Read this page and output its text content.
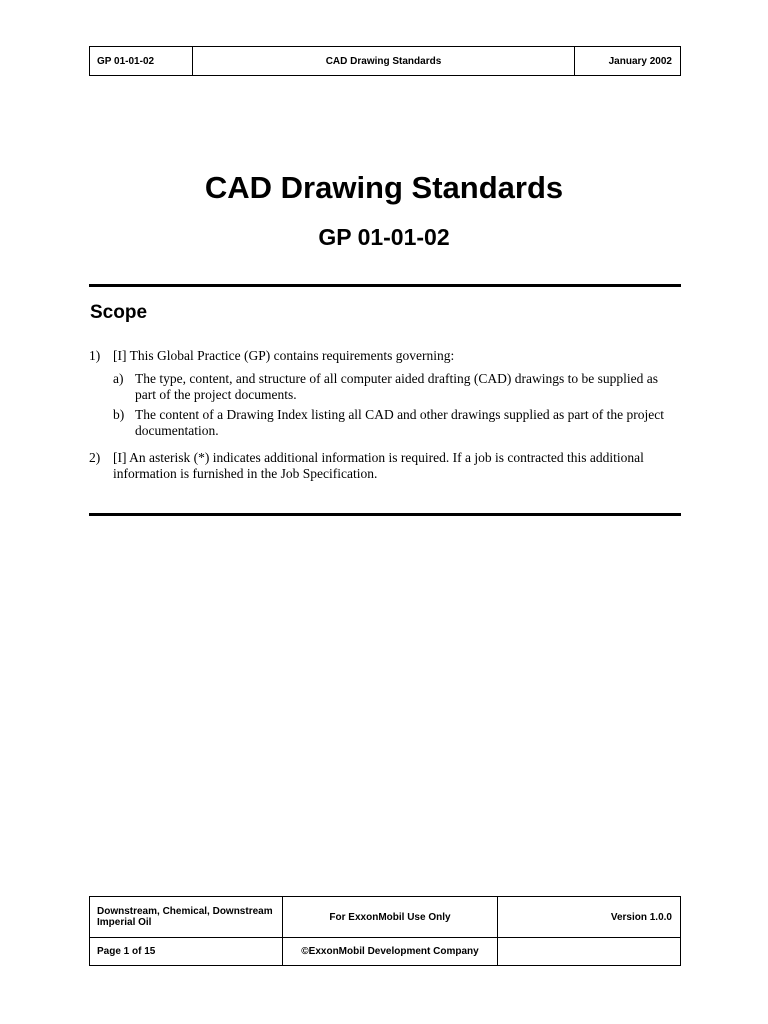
GP 01-01-02	CAD Drawing Standards	January 2002
CAD Drawing Standards
GP 01-01-02
Scope
1) [I] This Global Practice (GP) contains requirements governing:
a) The type, content, and structure of all computer aided drafting (CAD) drawings to be supplied as
part of the project documents.
b) The content of a Drawing Index listing all CAD and other drawings supplied as part of the project
documentation.
2) [I] An asterisk (*) indicates additional information is required. If a job is contracted this additional
information is furnished in the Job Specification.
Downstream, Chemical, Downstream
Imperial Oil	For ExxonMobil Use Only	Version 1.0.0
Page 1 of 15	© ExxonMobil Development Company
